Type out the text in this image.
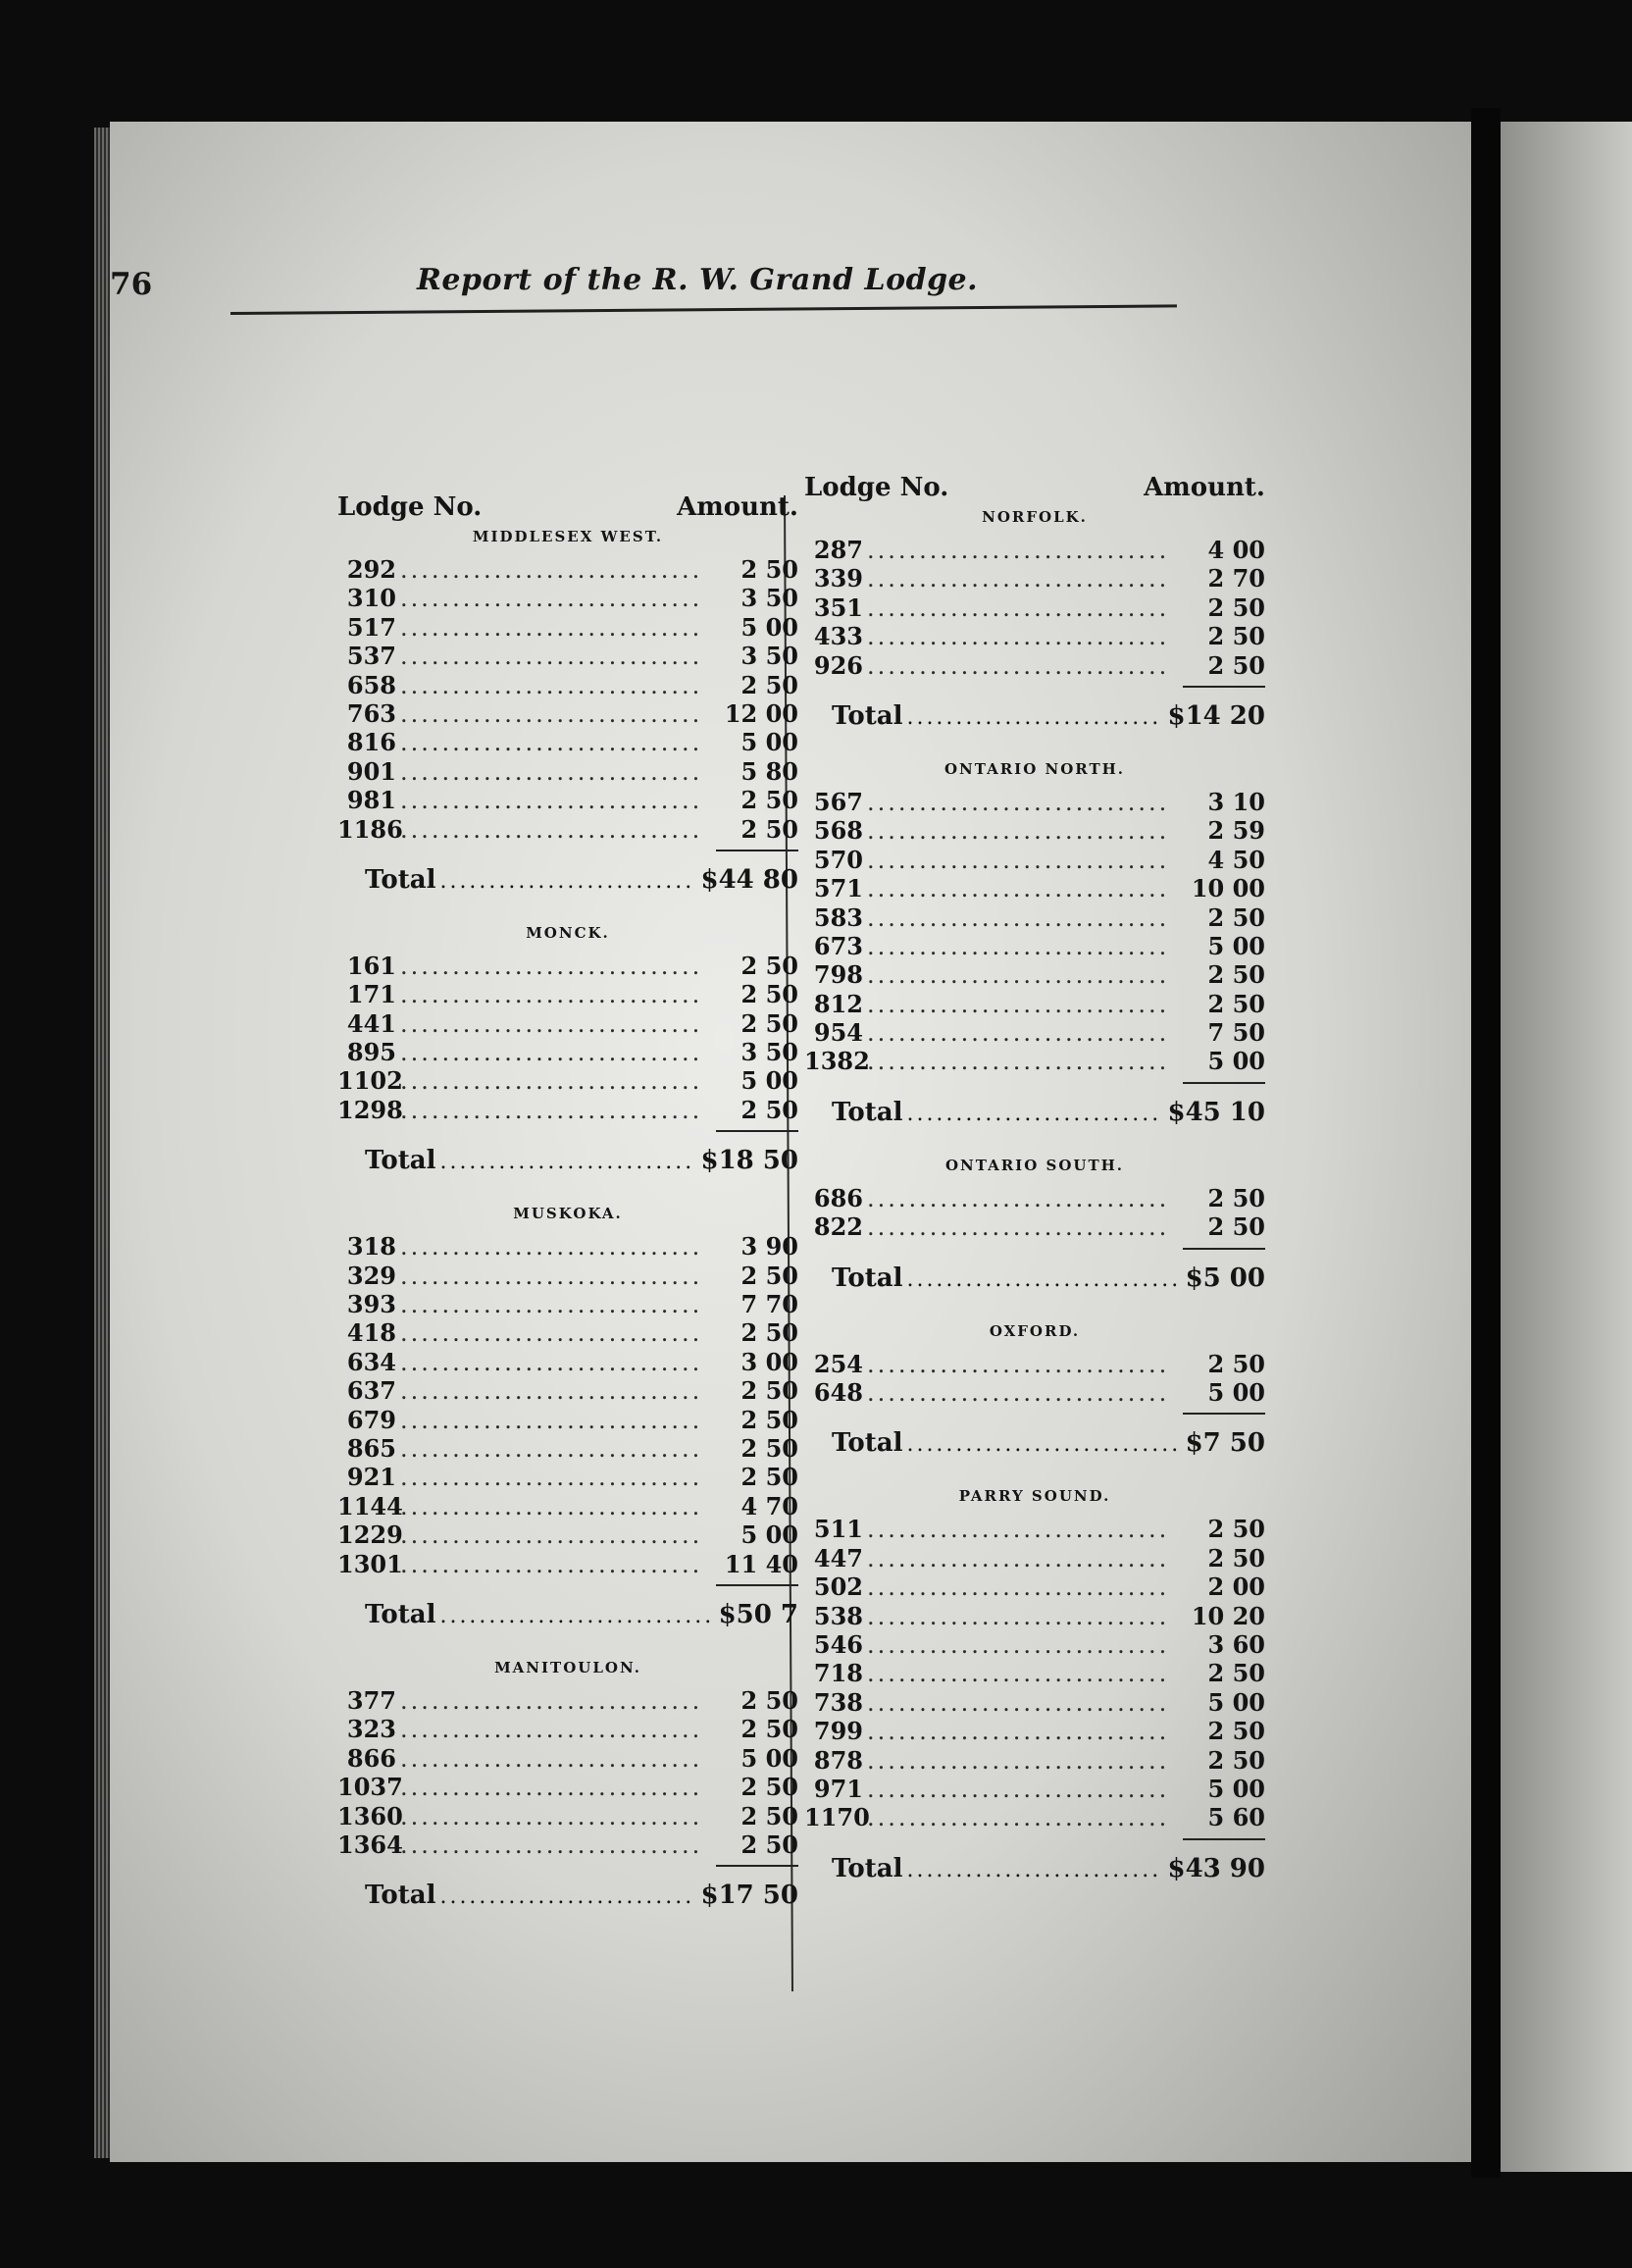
76	Report of the R. W. Grand Lodge.
Lodge No.	Amount.
MIDDLESEX WEST.
292 .....	2 50
310 .....	3 50
517 .....	5 00
537 .....	3 50
658 .....	2 50
763 .....	12 00
816 .....	5 00
901 .....	5 80
981 .....	2 50
1186 .....	2 50
Total .....	$44 80
MONCK.
161 .....	2 50
171 .....	2 50
441 .....	2 50
895 .....	3 50
1102 .....	5 00
1298 .....	2 50
Total .....	$18 50
MUSKOKA.
318 .....	3 90
329 .....	2 50
393 .....	7 70
418 .....	2 50
634 .....	3 00
637 .....	2 50
679 .....	2 50
865 .....	2 50
921 .....	2 50
1144 .....	4 70
1229 .....	5 00
1301 .....	11 40
Total .....	$50 7
MANITOULON.
377 .....	2 50
323 .....	2 50
866 .....	5 00
1037 .....	2 50
1360 .....	2 50
1364 .....	2 50
Total .....	$17 50
Lodge No.	Amount.
NORFOLK.
287 .....	4 00
339 .....	2 70
351 .....	2 50
433 .....	2 50
926 .....	2 50
Total .....	$14 20
ONTARIO NORTH.
567 .....	3 10
568 .....	2 59
570 .....	4 50
571 .....	10 00
583 .....	2 50
673 .....	5 00
798 .....	2 50
812 .....	2 50
954 .....	7 50
1382 .....	5 00
Total .....	$45 10
ONTARIO SOUTH.
686 .....	2 50
822 .....	2 50
Total .....	$5 00
OXFORD.
254 .....	2 50
648 .....	5 00
Total .....	$7 50
PARRY SOUND.
511 .....	2 50
447 .....	2 50
502 .....	2 00
538 .....	10 20
546 .....	3 60
718 .....	2 50
738 .....	5 00
799 .....	2 50
878 .....	2 50
971 .....	5 00
1170 .....	5 60
Total .....	$43 90
